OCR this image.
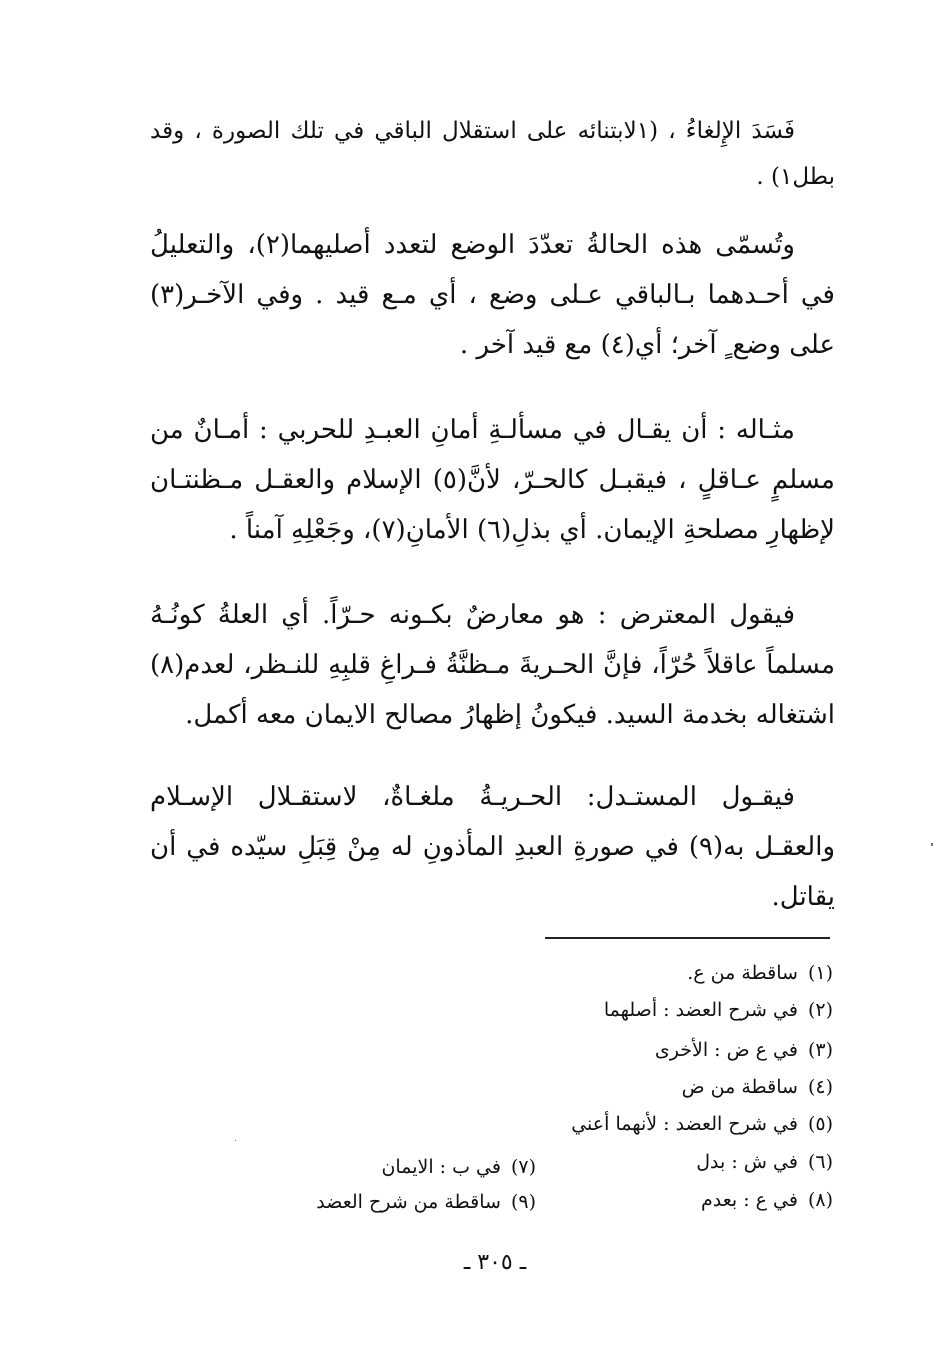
فَسَدَ الإِلغاءُ ، (١لابتنائه على استقلال الباقي في تلك الصورة ، وقد بطل١) .

وتُسمّى هذه الحالةُ تعدّدَ الوضع لتعدد أصليهما(٢)، والتعليلُ في أحـدهما بـالباقي عـلى وضع ، أي مـع قيد . وفي الآخـر(٣) على وضع ٍ آخر؛ أي(٤) مع قيد آخر .

مثـاله : أن يقـال في مسألـةِ أمانِ العبـدِ للحربي : أمـانٌ من مسلمٍ عـاقلٍ ، فيقبـل كالحـرّ، لأنَّ(٥) الإسلام والعقـل مـظنتـان لإظهارِ مصلحةِ الإيمان. أي بذلِ(٦) الأمانِ(٧)، وجَعْلِهِ آمناً .

فيقول المعترض : هو معارضٌ بكـونه حـرّاً. أي العلةُ كونُـهُ مسلماً عاقلاً حُرّاً، فإنَّ الحـريةَ مـظنَّةُ فـراغِ قلبِهِ للنـظر، لعدم(٨) اشتغاله بخدمة السيد. فيكونُ إظهارُ مصالح الايمان معه أكمل.

فيقـول المستـدل: الحـريـةُ ملغـاةٌ، لاستقـلال الإسـلام والعقـل به(٩) في صورةِ العبدِ المأذونِ له مِنْ قِبَلِ سيّده في أن يقاتل.

(١)ساقطة من ع.
(٢)في شرح العضد : أصلهما
(٣)في ع ض : الأخرى
(٤)ساقطة من ض
(٥)في شرح العضد : لأنهما أعني
(٦)في ش : بدل
(٧)في ب : الايمان
(٨)في ع : بعدم
(٩)ساقطة من شرح العضد
ـ ٣٠٥ ـ
